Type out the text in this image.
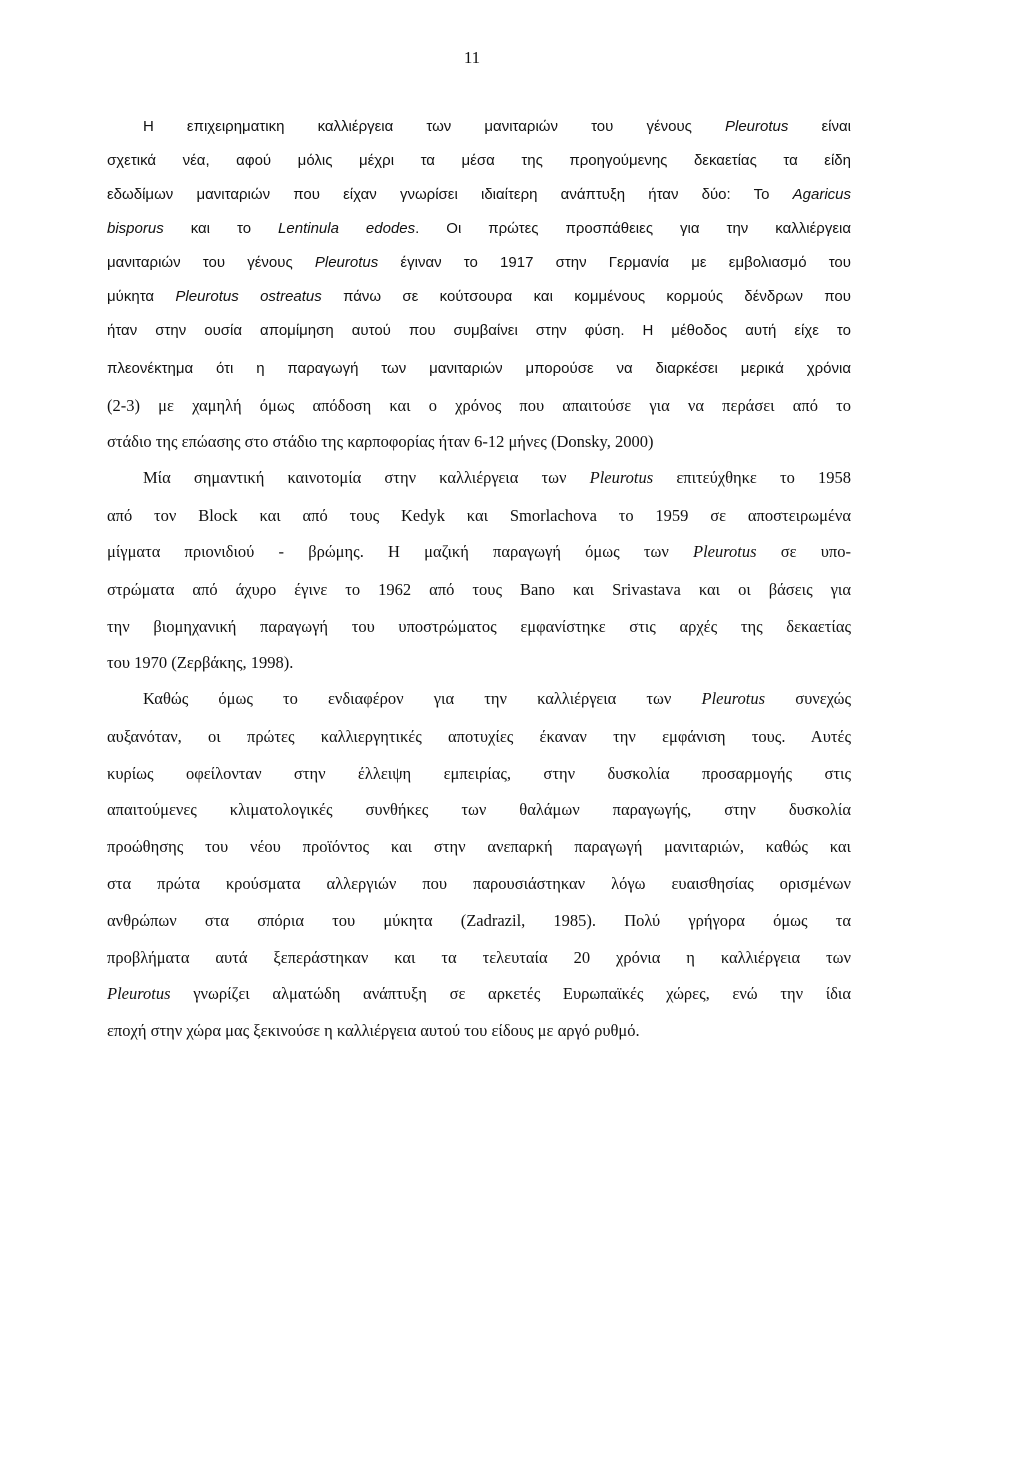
11
Η επιχειρηματικη καλλιέργεια των μανιταριών του γένους Pleurotus είναι
σχετικά νέα, αφού μόλις μέχρι τα μέσα της προηγούμενης δεκαετίας τα είδη
εδωδίμων μανιταριών που είχαν γνωρίσει ιδιαίτερη ανάπτυξη ήταν δύο: Το Agaricus
bisporus και το Lentinula edodes. Οι πρώτες προσπάθειες για την καλλιέργεια
μανιταριών του γένους Pleurotus έγιναν το 1917 στην Γερμανία με εμβολιασμό του
μύκητα Pleurotus ostreatus πάνω σε κούτσουρα και κομμένους κορμούς δένδρων που
ήταν στην ουσία απομίμηση αυτού που συμβαίνει στην φύση. Η μέθοδος αυτή είχε το
πλεονέκτημα ότι η παραγωγή των μανιταριών μπορούσε να διαρκέσει μερικά χρόνια
(2-3) με χαμηλή όμως απόδοση και ο χρόνος που απαιτούσε για να περάσει από το
στάδιο της επώασης στο στάδιο της καρποφορίας ήταν 6-12 μήνες (Donsky, 2000)
Μία σημαντική καινοτομία στην καλλιέργεια των Pleurotus επιτεύχθηκε το 1958
από τον Block και από τους Kedyk και Smorlachova το 1959 σε αποστειρωμένα
μίγματα πριονιδιού - βρώμης. Η μαζική παραγωγή όμως των Pleurotus σε υπο-
στρώματα από άχυρο έγινε το 1962 από τους Bano και Srivastava και οι βάσεις για
την βιομηχανική παραγωγή του υποστρώματος εμφανίστηκε στις αρχές της δεκαετίας
του 1970 (Ζερβάκης, 1998).
Καθώς όμως το ενδιαφέρον για την καλλιέργεια των Pleurotus συνεχώς
αυξανόταν, οι πρώτες καλλιεργητικές αποτυχίες έκαναν την εμφάνιση τους. Αυτές
κυρίως οφείλονταν στην έλλειψη εμπειρίας, στην δυσκολία προσαρμογής στις
απαιτούμενες κλιματολογικές συνθήκες των θαλάμων παραγωγής, στην δυσκολία
προώθησης του νέου προϊόντος και στην ανεπαρκή παραγωγή μανιταριών, καθώς και
στα πρώτα κρούσματα αλλεργιών που παρουσιάστηκαν λόγω ευαισθησίας ορισμένων
ανθρώπων στα σπόρια του μύκητα (Zadrazil, 1985). Πολύ γρήγορα όμως τα
προβλήματα αυτά ξεπεράστηκαν και τα τελευταία 20 χρόνια η καλλιέργεια των
Pleurotus γνωρίζει αλματώδη ανάπτυξη σε αρκετές Ευρωπαϊκές χώρες, ενώ την ίδια
εποχή στην χώρα μας ξεκινούσε η καλλιέργεια αυτού του είδους με αργό ρυθμό.
